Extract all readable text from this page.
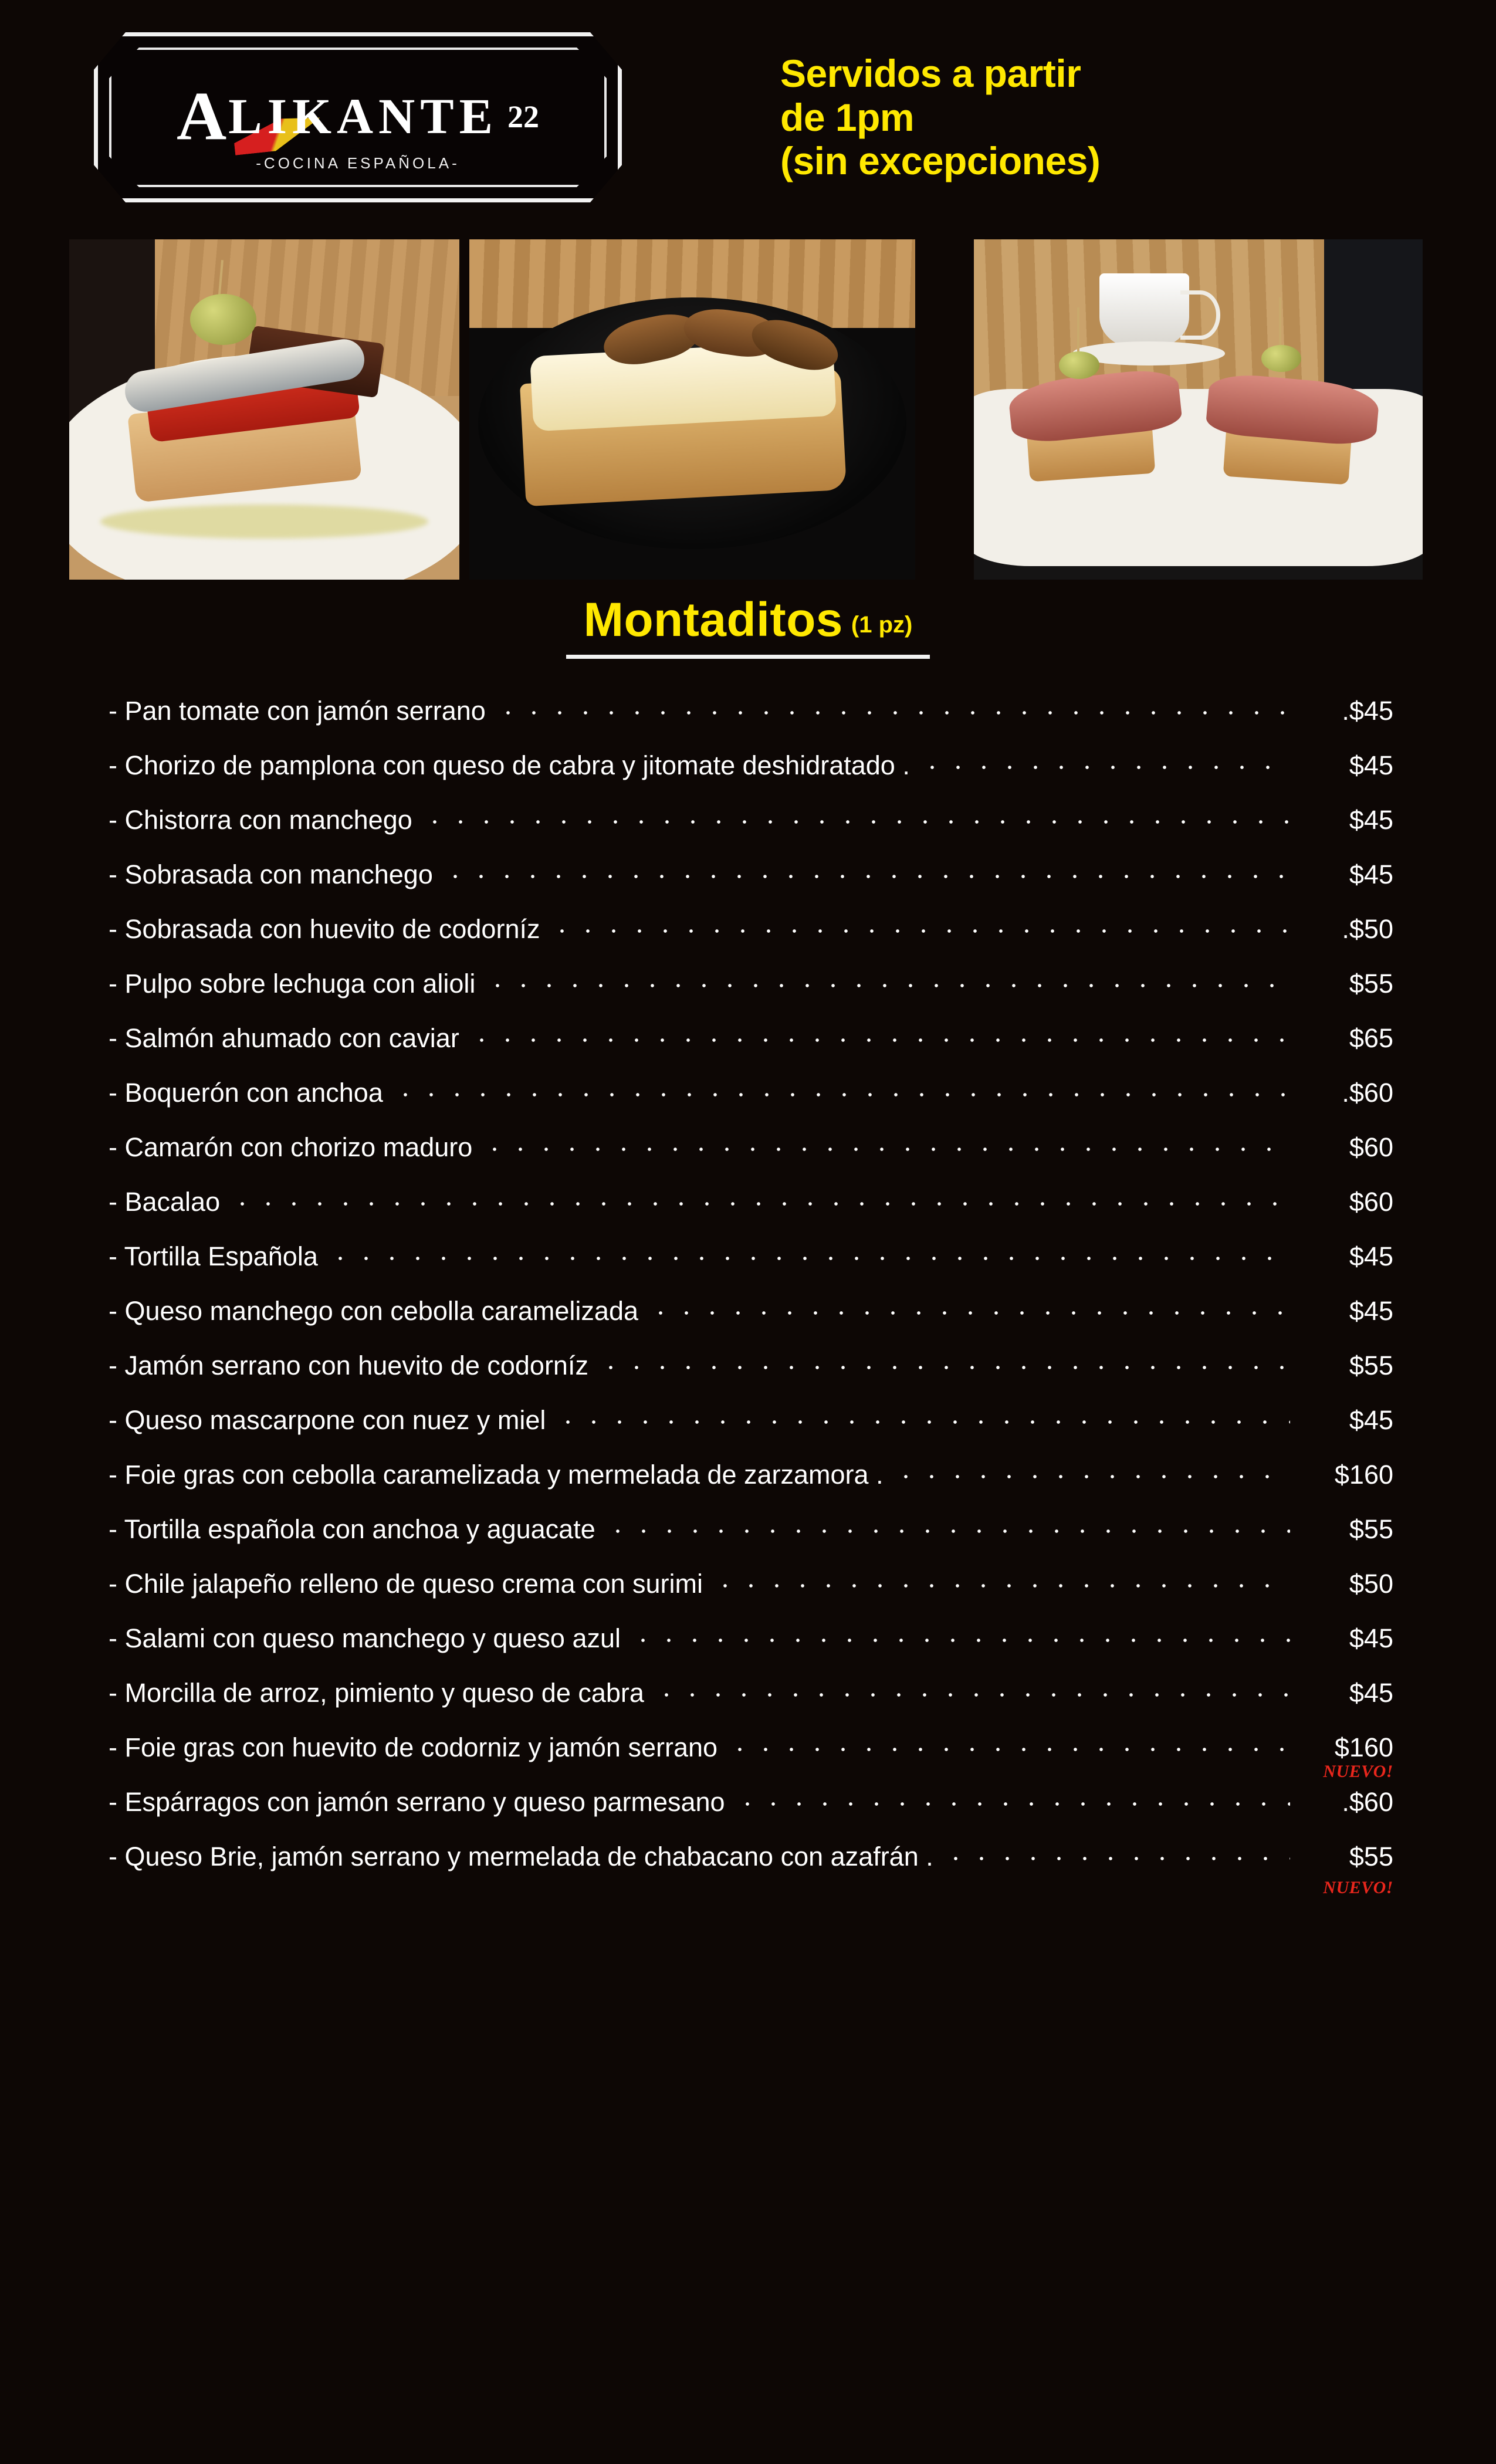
ALIKANTE 22
-COCINA ESPAÑOLA-
Servidos a partir
de 1pm
(sin excepciones)
Montaditos (1 pz)
- Pan tomate con jamón serrano	.$45
- Chorizo de pamplona con queso de cabra y jitomate deshidratado .	$45
- Chistorra con manchego	$45
- Sobrasada con manchego	$45
- Sobrasada con huevito de codorníz	.$50
- Pulpo sobre lechuga con alioli	$55
- Salmón ahumado con caviar	$65
- Boquerón con anchoa	.$60
- Camarón con chorizo maduro	$60
- Bacalao	$60
- Tortilla Española	$45
- Queso manchego con cebolla caramelizada	$45
- Jamón serrano con huevito de codorníz	$55
- Queso mascarpone con nuez y miel	$45
- Foie gras con cebolla caramelizada y mermelada de zarzamora .	$160
- Tortilla española con anchoa y aguacate	$55
- Chile jalapeño relleno de queso crema con surimi	$50
- Salami con queso manchego y queso azul	$45
- Morcilla de arroz, pimiento y queso de cabra	$45
- Foie gras con huevito de codorniz y jamón serrano	$160
- Espárragos con jamón serrano y queso parmesano	.$60
NUEVO!
- Queso Brie, jamón serrano y mermelada de chabacano con azafrán .	$55
NUEVO!
